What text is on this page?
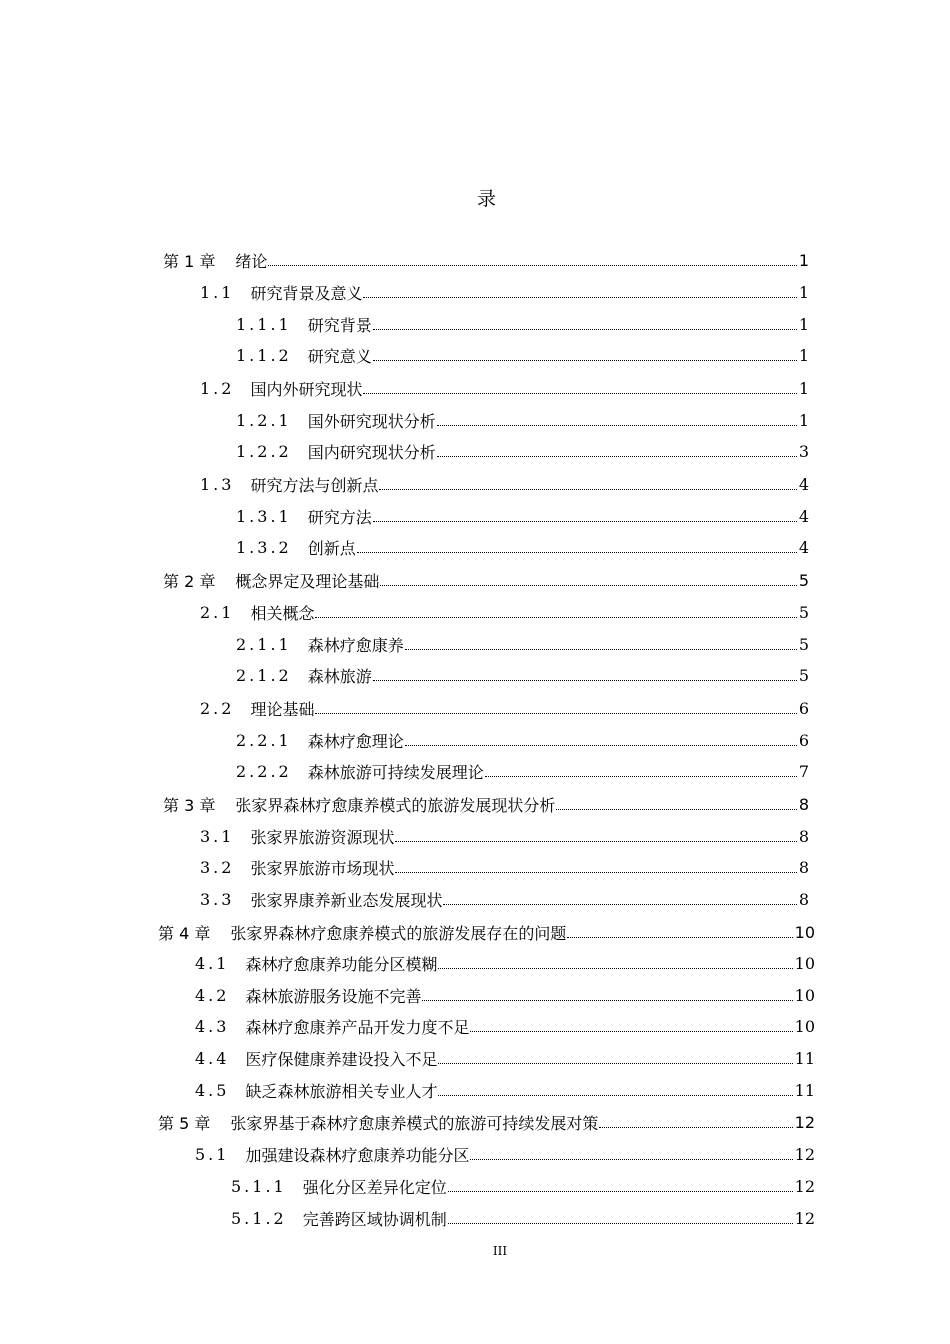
录
第 1 章 绪论	1
1.1 研究背景及意义	1
1.1.1 研究背景	1
1.1.2 研究意义	1
1.2 国内外研究现状	1
1.2.1 国外研究现状分析	1
1.2.2 国内研究现状分析	3
1.3 研究方法与创新点	4
1.3.1 研究方法	4
1.3.2 创新点	4
第 2 章 概念界定及理论基础	5
2.1 相关概念	5
2.1.1 森林疗愈康养	5
2.1.2 森林旅游	5
2.2 理论基础	6
2.2.1 森林疗愈理论	6
2.2.2 森林旅游可持续发展理论	7
第 3 章 张家界森林疗愈康养模式的旅游发展现状分析	8
3.1 张家界旅游资源现状	8
3.2 张家界旅游市场现状	8
3.3 张家界康养新业态发展现状	8
第 4 章 张家界森林疗愈康养模式的旅游发展存在的问题	10
4.1 森林疗愈康养功能分区模糊	10
4.2 森林旅游服务设施不完善	10
4.3 森林疗愈康养产品开发力度不足	10
4.4 医疗保健康养建设投入不足	11
4.5 缺乏森林旅游相关专业人才	11
第 5 章 张家界基于森林疗愈康养模式的旅游可持续发展对策	12
5.1 加强建设森林疗愈康养功能分区	12
5.1.1 强化分区差异化定位	12
5.1.2 完善跨区域协调机制	12
III
